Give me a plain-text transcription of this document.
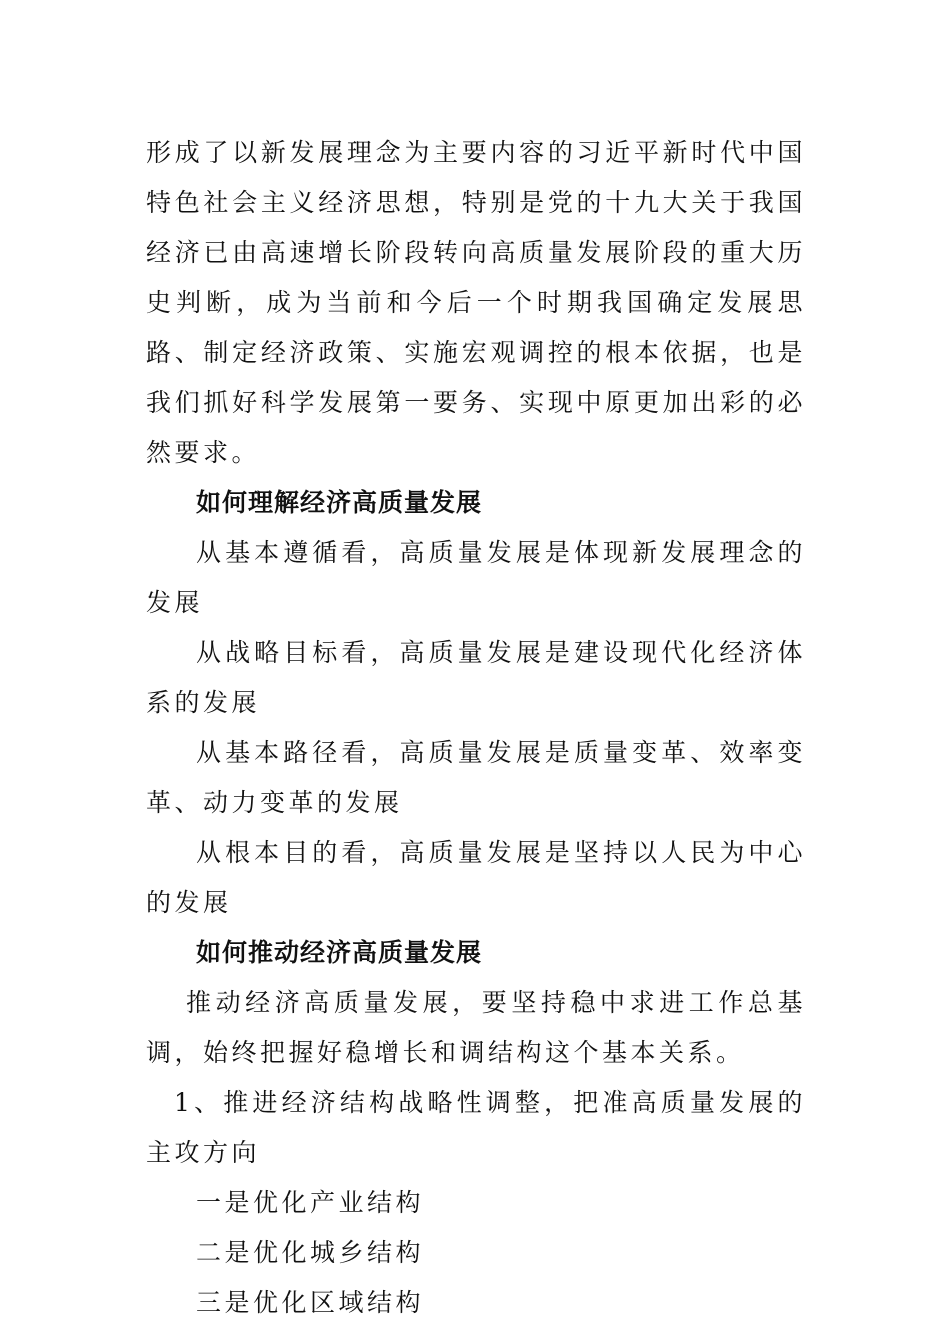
形成了以新发展理念为主要内容的习近平新时代中国特色社会主义经济思想，特别是党的十九大关于我国经济已由高速增长阶段转向高质量发展阶段的重大历史判断，成为当前和今后一个时期我国确定发展思路、制定经济政策、实施宏观调控的根本依据，也是我们抓好科学发展第一要务、实现中原更加出彩的必然要求。

如何理解经济高质量发展

从基本遵循看，高质量发展是体现新发展理念的发展

从战略目标看，高质量发展是建设现代化经济体系的发展

从基本路径看，高质量发展是质量变革、效率变革、动力变革的发展

从根本目的看，高质量发展是坚持以人民为中心的发展

如何推动经济高质量发展

推动经济高质量发展，要坚持稳中求进工作总基调，始终把握好稳增长和调结构这个基本关系。

1、推进经济结构战略性调整，把准高质量发展的主攻方向

一是优化产业结构

二是优化城乡结构

三是优化区域结构
